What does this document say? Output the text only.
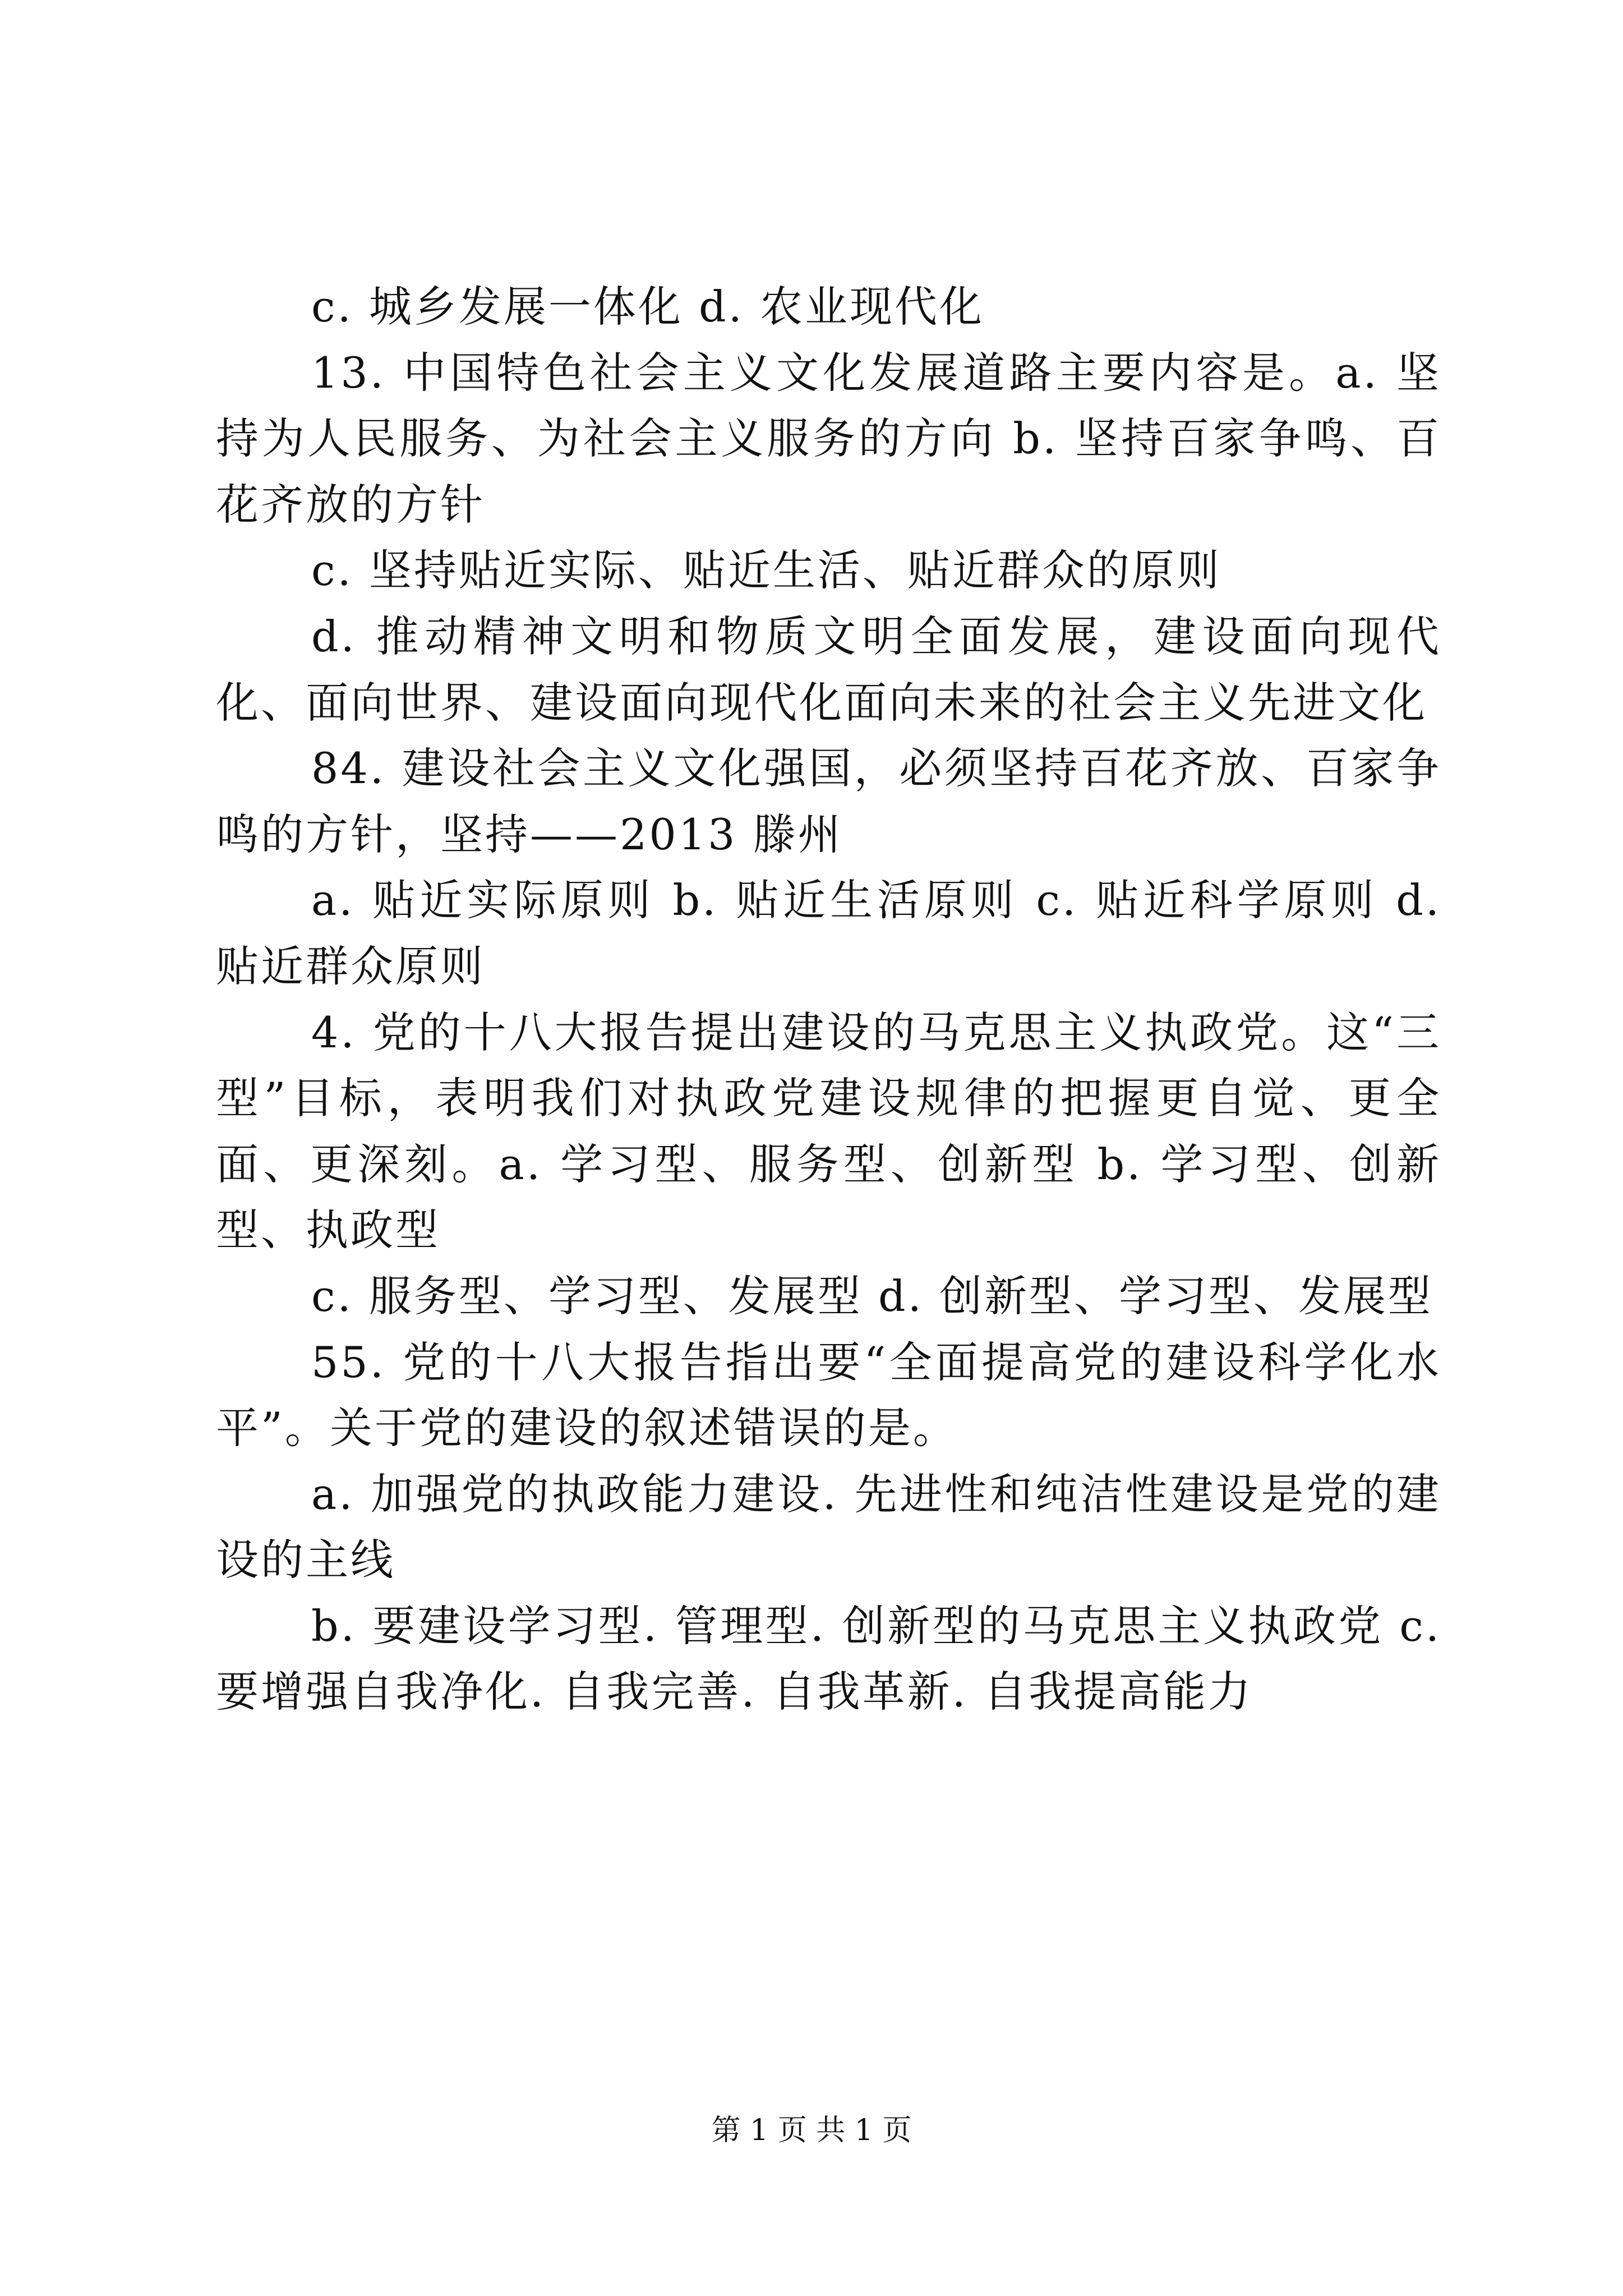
c. 城乡发展一体化 d. 农业现代化

13. 中国特色社会主义文化发展道路主要内容是。a. 坚持为人民服务、为社会主义服务的方向 b. 坚持百家争鸣、百花齐放的方针

c. 坚持贴近实际、贴近生活、贴近群众的原则

d. 推动精神文明和物质文明全面发展，建设面向现代化、面向世界、建设面向现代化面向未来的社会主义先进文化

84. 建设社会主义文化强国，必须坚持百花齐放、百家争鸣的方针，坚持——2013 滕州

a. 贴近实际原则 b. 贴近生活原则 c. 贴近科学原则 d. 贴近群众原则

4. 党的十八大报告提出建设的马克思主义执政党。这“三型”目标，表明我们对执政党建设规律的把握更自觉、更全面、更深刻。a. 学习型、服务型、创新型 b. 学习型、创新型、执政型

c. 服务型、学习型、发展型 d. 创新型、学习型、发展型

55. 党的十八大报告指出要“全面提高党的建设科学化水平”。关于党的建设的叙述错误的是。

a. 加强党的执政能力建设. 先进性和纯洁性建设是党的建设的主线

b. 要建设学习型. 管理型. 创新型的马克思主义执政党 c. 要增强自我净化. 自我完善. 自我革新. 自我提高能力

第 1 页 共 1 页
